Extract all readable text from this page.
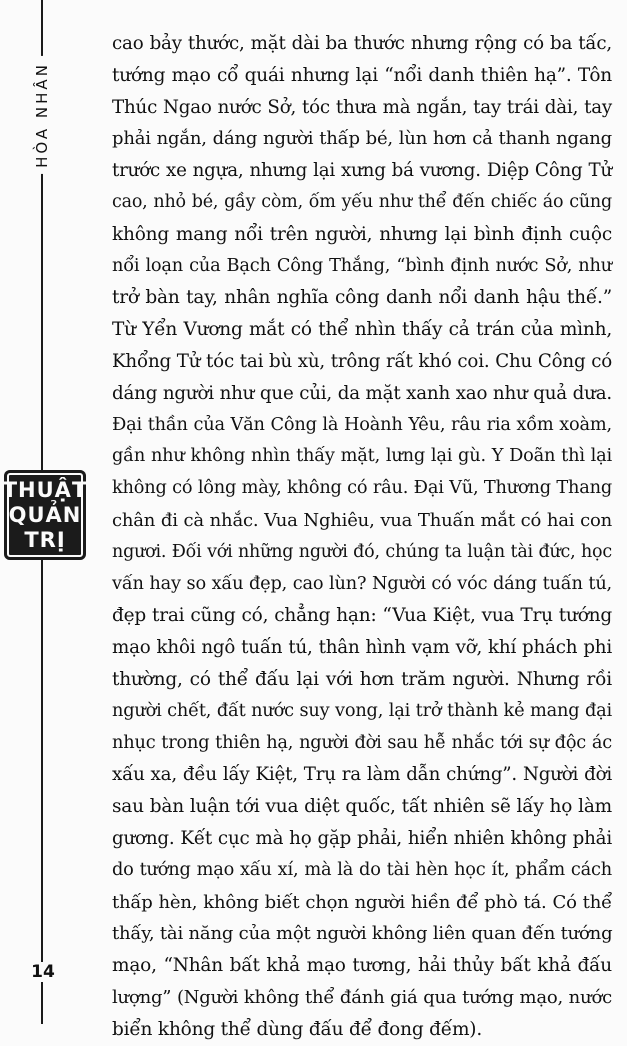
HÒA NHÂN
THUẬT
QUẢN
TRỊ
14
cao bảy thước, mặt dài ba thước nhưng rộng có ba tấc,
tướng mạo cổ quái nhưng lại “nổi danh thiên hạ”. Tôn
Thúc Ngao nước Sở, tóc thưa mà ngắn, tay trái dài, tay
phải ngắn, dáng người thấp bé, lùn hơn cả thanh ngang
trước xe ngựa, nhưng lại xưng bá vương. Diệp Công Tử
cao, nhỏ bé, gầy còm, ốm yếu như thể đến chiếc áo cũng
không mang nổi trên người, nhưng lại bình định cuộc
nổi loạn của Bạch Công Thắng, “bình định nước Sở, như
trở bàn tay, nhân nghĩa công danh nổi danh hậu thế.”
Từ Yển Vương mắt có thể nhìn thấy cả trán của mình,
Khổng Tử tóc tai bù xù, trông rất khó coi. Chu Công có
dáng người như que củi, da mặt xanh xao như quả dưa.
Đại thần của Văn Công là Hoành Yêu, râu ria xồm xoàm,
gần như không nhìn thấy mặt, lưng lại gù. Y Doãn thì lại
không có lông mày, không có râu. Đại Vũ, Thương Thang
chân đi cà nhắc. Vua Nghiêu, vua Thuấn mắt có hai con
ngươi. Đối với những người đó, chúng ta luận tài đức, học
vấn hay so xấu đẹp, cao lùn? Người có vóc dáng tuấn tú,
đẹp trai cũng có, chẳng hạn: “Vua Kiệt, vua Trụ tướng
mạo khôi ngô tuấn tú, thân hình vạm vỡ, khí phách phi
thường, có thể đấu lại với hơn trăm người. Nhưng rồi
người chết, đất nước suy vong, lại trở thành kẻ mang đại
nhục trong thiên hạ, người đời sau hễ nhắc tới sự độc ác
xấu xa, đều lấy Kiệt, Trụ ra làm dẫn chứng”. Người đời
sau bàn luận tới vua diệt quốc, tất nhiên sẽ lấy họ làm
gương. Kết cục mà họ gặp phải, hiển nhiên không phải
do tướng mạo xấu xí, mà là do tài hèn học ít, phẩm cách
thấp hèn, không biết chọn người hiền để phò tá. Có thể
thấy, tài năng của một người không liên quan đến tướng
mạo, “Nhân bất khả mạo tương, hải thủy bất khả đấu
lượng” (Người không thể đánh giá qua tướng mạo, nước
biển không thể dùng đấu để đong đếm).
